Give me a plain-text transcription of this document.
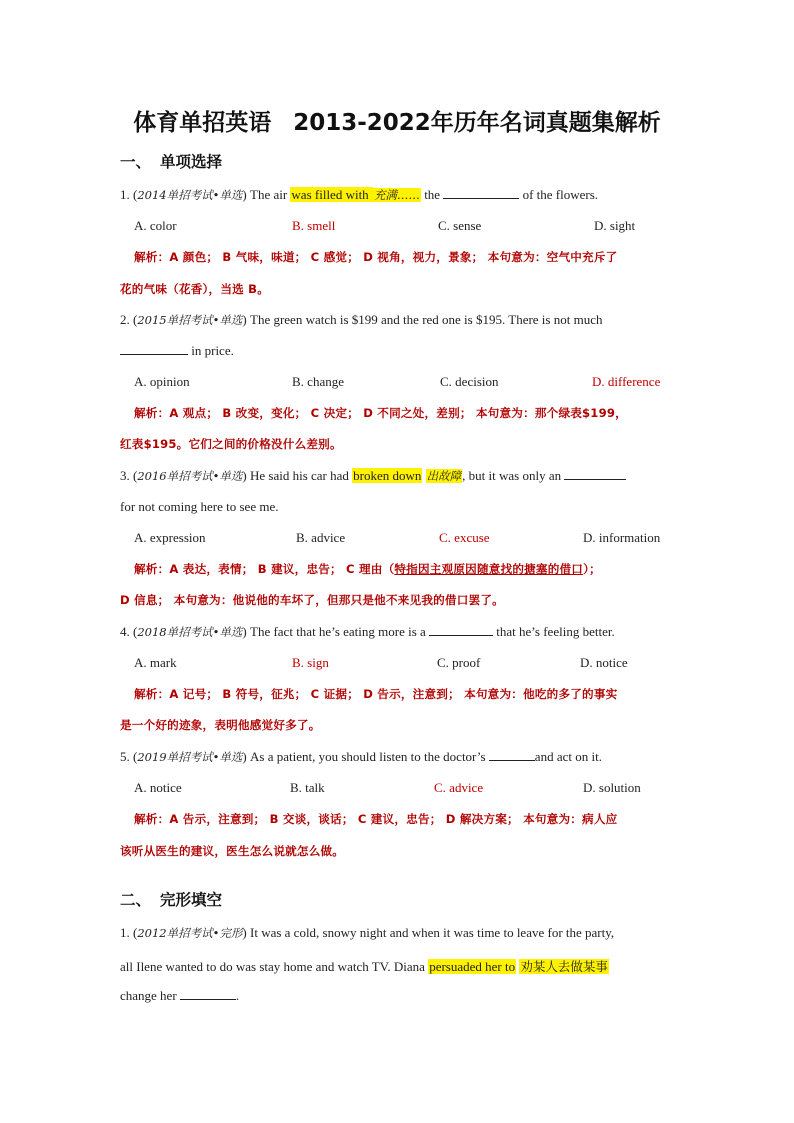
体育单招英语 2013-2022年历年名词真题集解析
一、 单项选择
1. (2014单招考试•单选) The air was filled with 充满…… the	of the flowers.
A. color	B. smell	C. sense	D. sight
解析：A 颜色； B 气味，味道； C 感觉； D 视角，视力，景象； 本句意为：空气中充斥了
花的气味（花香），当选 B。
2. (2015单招考试•单选) The green watch is $199 and the red one is $195. There is not much
in price.
A. opinion	B. change	C. decision	D. difference
解析：A 观点； B 改变，变化； C 决定； D 不同之处，差别； 本句意为：那个绿表$199，
红表$195。它们之间的价格没什么差别。
3. (2016单招考试•单选) He said his car had broken down 出故障, but it was only an
for not coming here to see me.
A. expression	B. advice	C. excuse	D. information
解析：A 表达，表情； B 建议，忠告； C 理由（特指因主观原因随意找的搪塞的借口）；
D 信息； 本句意为：他说他的车坏了，但那只是他不来见我的借口罢了。
4. (2018单招考试•单选) The fact that he’s eating more is a	that he’s feeling better.
A. mark	B. sign	C. proof	D. notice
解析：A 记号； B 符号，征兆； C 证据； D 告示，注意到； 本句意为：他吃的多了的事实
是一个好的迹象，表明他感觉好多了。
5. (2019单招考试•单选) As a patient, you should listen to the doctor’s	and act on it.
A. notice	B. talk	C. advice	D. solution
解析：A 告示，注意到； B 交谈，谈话； C 建议，忠告； D 解决方案； 本句意为：病人应
该听从医生的建议，医生怎么说就怎么做。
二、 完形填空
1. (2012单招考试•完形) It was a cold, snowy night and when it was time to leave for the party,
all Ilene wanted to do was stay home and watch TV. Diana persuaded her to 劝某人去做某事
change her	.
